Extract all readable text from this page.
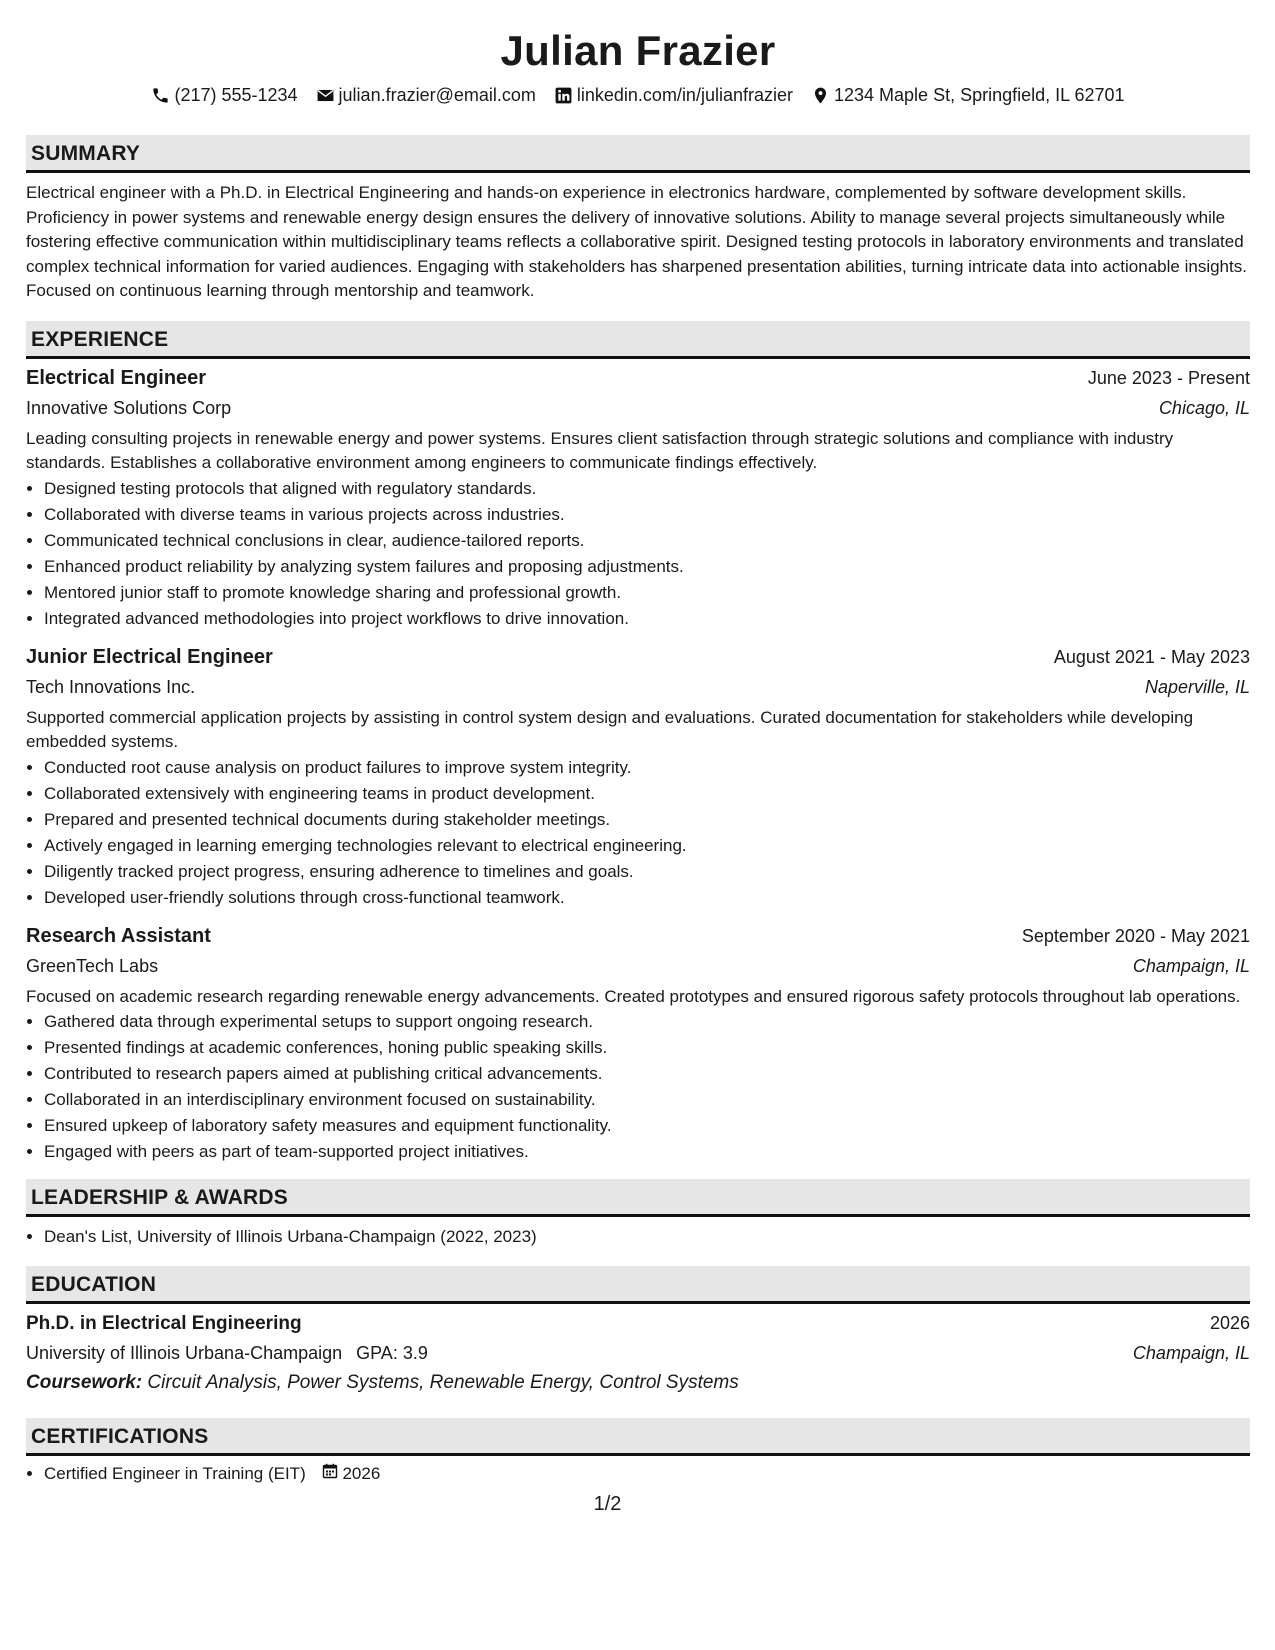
Julian Frazier
(217) 555-1234 julian.frazier@email.com linkedin.com/in/julianfrazier 1234 Maple St, Springfield, IL 62701
SUMMARY
Electrical engineer with a Ph.D. in Electrical Engineering and hands-on experience in electronics hardware, complemented by software development skills. Proficiency in power systems and renewable energy design ensures the delivery of innovative solutions. Ability to manage several projects simultaneously while fostering effective communication within multidisciplinary teams reflects a collaborative spirit. Designed testing protocols in laboratory environments and translated complex technical information for varied audiences. Engaging with stakeholders has sharpened presentation abilities, turning intricate data into actionable insights. Focused on continuous learning through mentorship and teamwork.
EXPERIENCE
Electrical Engineer	June 2023 - Present
Innovative Solutions Corp	Chicago, IL
Leading consulting projects in renewable energy and power systems. Ensures client satisfaction through strategic solutions and compliance with industry standards. Establishes a collaborative environment among engineers to communicate findings effectively.
• Designed testing protocols that aligned with regulatory standards.
• Collaborated with diverse teams in various projects across industries.
• Communicated technical conclusions in clear, audience-tailored reports.
• Enhanced product reliability by analyzing system failures and proposing adjustments.
• Mentored junior staff to promote knowledge sharing and professional growth.
• Integrated advanced methodologies into project workflows to drive innovation.
Junior Electrical Engineer	August 2021 - May 2023
Tech Innovations Inc.	Naperville, IL
Supported commercial application projects by assisting in control system design and evaluations. Curated documentation for stakeholders while developing embedded systems.
• Conducted root cause analysis on product failures to improve system integrity.
• Collaborated extensively with engineering teams in product development.
• Prepared and presented technical documents during stakeholder meetings.
• Actively engaged in learning emerging technologies relevant to electrical engineering.
• Diligently tracked project progress, ensuring adherence to timelines and goals.
• Developed user-friendly solutions through cross-functional teamwork.
Research Assistant	September 2020 - May 2021
GreenTech Labs	Champaign, IL
Focused on academic research regarding renewable energy advancements. Created prototypes and ensured rigorous safety protocols throughout lab operations.
• Gathered data through experimental setups to support ongoing research.
• Presented findings at academic conferences, honing public speaking skills.
• Contributed to research papers aimed at publishing critical advancements.
• Collaborated in an interdisciplinary environment focused on sustainability.
• Ensured upkeep of laboratory safety measures and equipment functionality.
• Engaged with peers as part of team-supported project initiatives.
LEADERSHIP & AWARDS
• Dean's List, University of Illinois Urbana-Champaign (2022, 2023)
EDUCATION
Ph.D. in Electrical Engineering	2026
University of Illinois Urbana-Champaign GPA: 3.9	Champaign, IL
Coursework: Circuit Analysis, Power Systems, Renewable Energy, Control Systems
CERTIFICATIONS
• Certified Engineer in Training (EIT) 2026
1/2
